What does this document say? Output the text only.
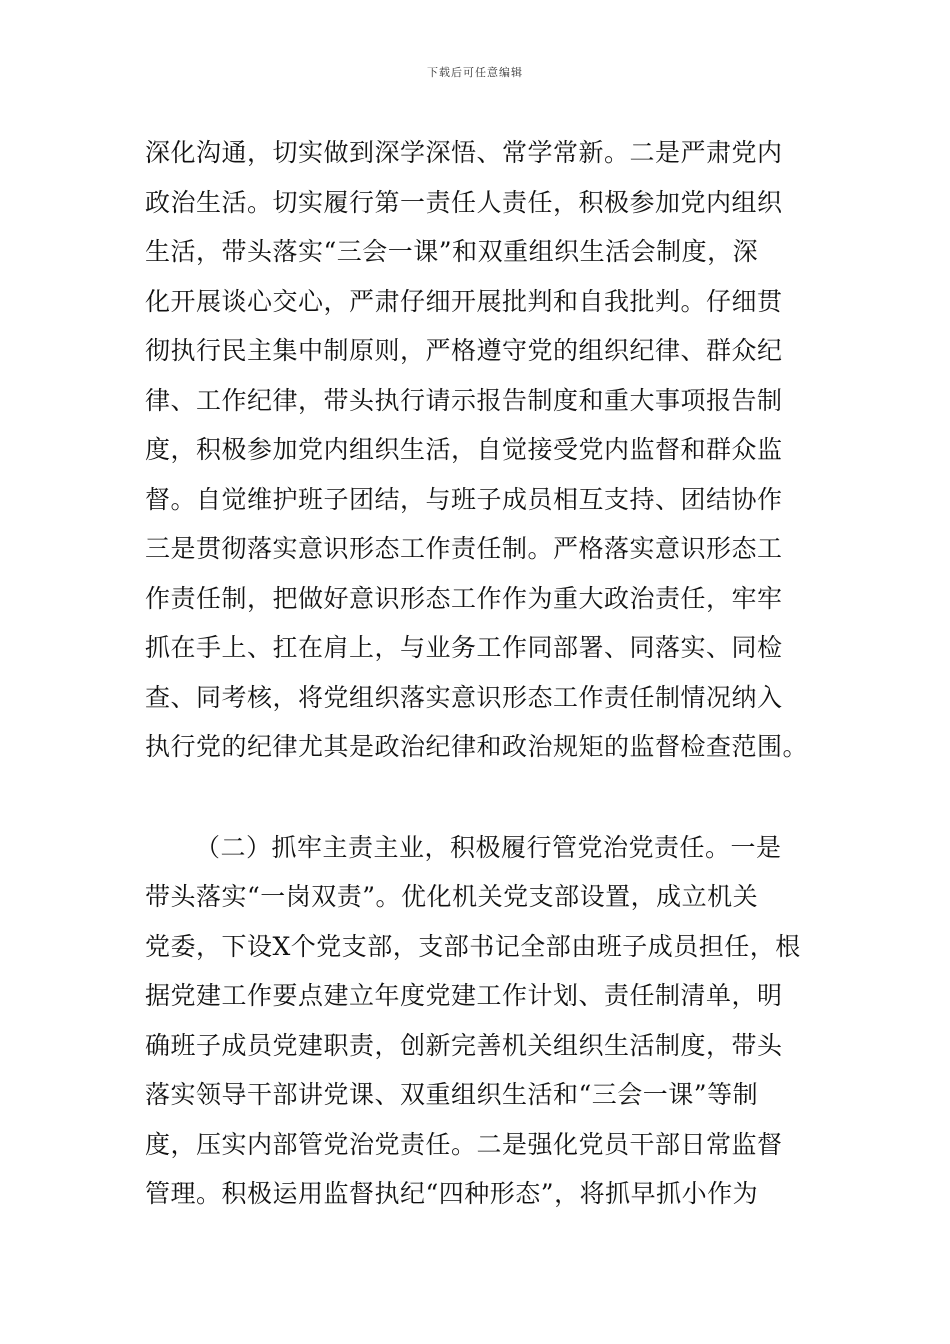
下载后可任意编辑
深化沟通，切实做到深学深悟、常学常新。二是严肃党内
政治生活。切实履行第一责任人责任，积极参加党内组织
生活，带头落实“三会一课”和双重组织生活会制度，深
化开展谈心交心，严肃仔细开展批判和自我批判。仔细贯
彻执行民主集中制原则，严格遵守党的组织纪律、群众纪
律、工作纪律，带头执行请示报告制度和重大事项报告制
度，积极参加党内组织生活，自觉接受党内监督和群众监
督。自觉维护班子团结，与班子成员相互支持、团结协作
三是贯彻落实意识形态工作责任制。严格落实意识形态工
作责任制，把做好意识形态工作作为重大政治责任，牢牢
抓在手上、扛在肩上，与业务工作同部署、同落实、同检
查、同考核，将党组织落实意识形态工作责任制情况纳入
执行党的纪律尤其是政治纪律和政治规矩的监督检查范围。
（二）抓牢主责主业，积极履行管党治党责任。一是
带头落实“一岗双责”。优化机关党支部设置，成立机关
党委，下设X个党支部，支部书记全部由班子成员担任，根
据党建工作要点建立年度党建工作计划、责任制清单，明
确班子成员党建职责，创新完善机关组织生活制度，带头
落实领导干部讲党课、双重组织生活和“三会一课”等制
度，压实内部管党治党责任。二是强化党员干部日常监督
管理。积极运用监督执纪“四种形态”，将抓早抓小作为
